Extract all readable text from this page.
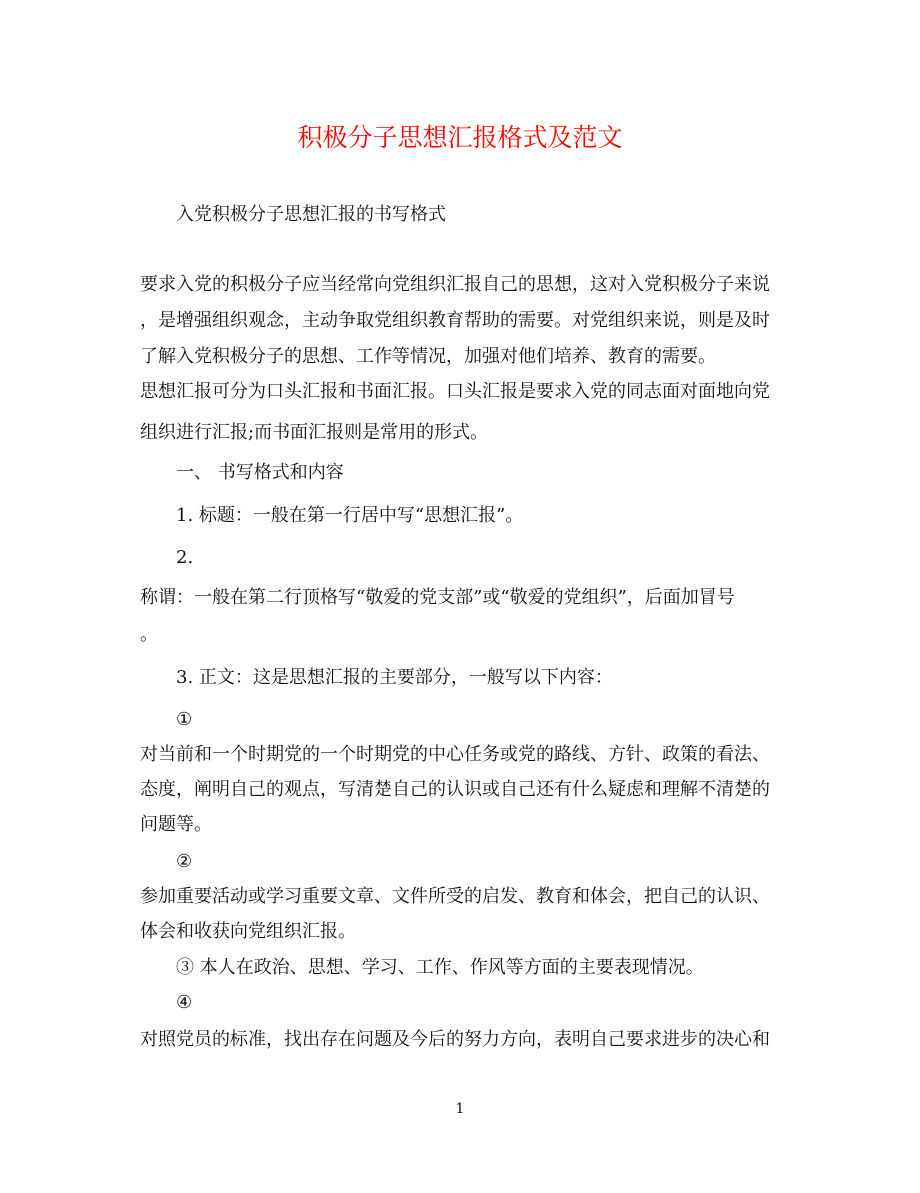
积极分子思想汇报格式及范文
入党积极分子思想汇报的书写格式
要求入党的积极分子应当经常向党组织汇报自己的思想，这对入党积极分子来说
，是增强组织观念，主动争取党组织教育帮助的需要。对党组织来说，则是及时
了解入党积极分子的思想、工作等情况，加强对他们培养、教育的需要。
思想汇报可分为口头汇报和书面汇报。口头汇报是要求入党的同志面对面地向党
组织进行汇报;而书面汇报则是常用的形式。
一、 书写格式和内容
1. 标题：一般在第一行居中写“思想汇报”。
2.
称谓：一般在第二行顶格写“敬爱的党支部”或“敬爱的党组织”，后面加冒号
。
3. 正文：这是思想汇报的主要部分，一般写以下内容：
①
对当前和一个时期党的一个时期党的中心任务或党的路线、方针、政策的看法、
态度，阐明自己的观点，写清楚自己的认识或自己还有什么疑虑和理解不清楚的
问题等。
②
参加重要活动或学习重要文章、文件所受的启发、教育和体会，把自己的认识、
体会和收获向党组织汇报。
③ 本人在政治、思想、学习、工作、作风等方面的主要表现情况。
④
对照党员的标准，找出存在问题及今后的努力方向，表明自己要求进步的决心和
1
